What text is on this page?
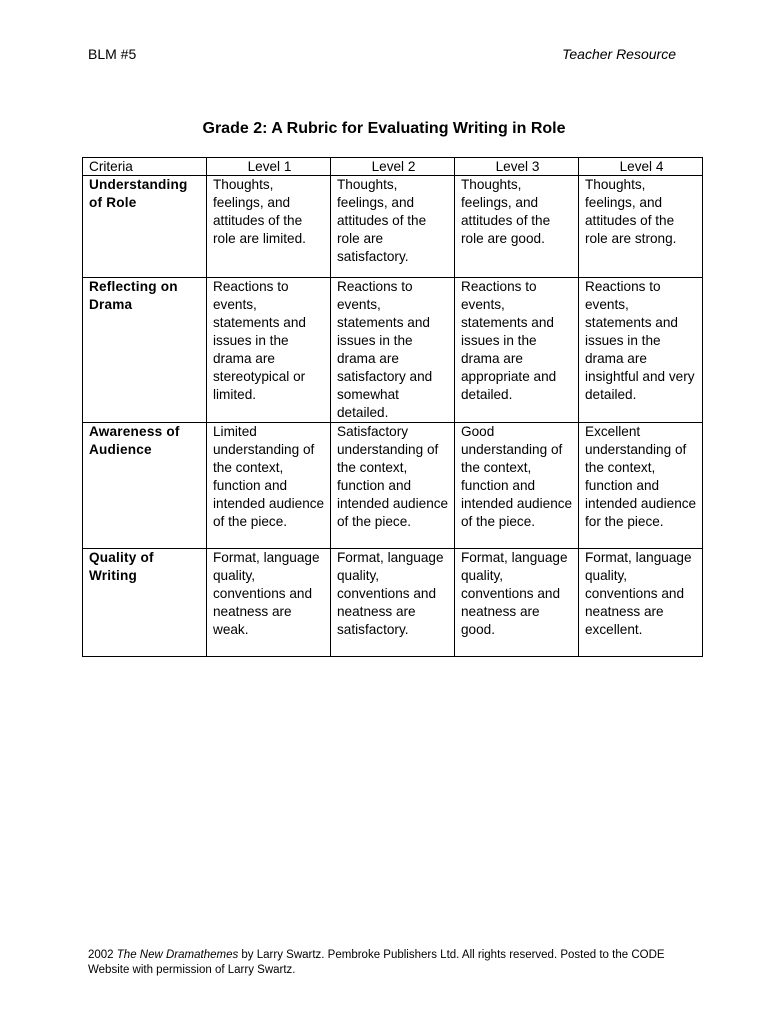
BLM #5	Teacher Resource
Grade 2: A Rubric for Evaluating Writing in Role
Criteria	Level 1	Level 2	Level 3	Level 4
Understanding of Role	Thoughts, feelings, and attitudes of the role are limited.	Thoughts, feelings, and attitudes of the role are satisfactory.	Thoughts, feelings, and attitudes of the role are good.	Thoughts, feelings, and attitudes of the role are strong.
Reflecting on Drama	Reactions to events, statements and issues in the drama are stereotypical or limited.	Reactions to events, statements and issues in the drama are satisfactory and somewhat detailed.	Reactions to events, statements and issues in the drama are appropriate and detailed.	Reactions to events, statements and issues in the drama are insightful and very detailed.
Awareness of Audience	Limited understanding of the context, function and intended audience of the piece.	Satisfactory understanding of the context, function and intended audience of the piece.	Good understanding of the context, function and intended audience of the piece.	Excellent understanding of the context, function and intended audience for the piece.
Quality of Writing	Format, language quality, conventions and neatness are weak.	Format, language quality, conventions and neatness are satisfactory.	Format, language quality, conventions and neatness are good.	Format, language quality, conventions and neatness are excellent.
2002 The New Dramathemes by Larry Swartz. Pembroke Publishers Ltd. All rights reserved. Posted to the CODE Website with permission of Larry Swartz.
